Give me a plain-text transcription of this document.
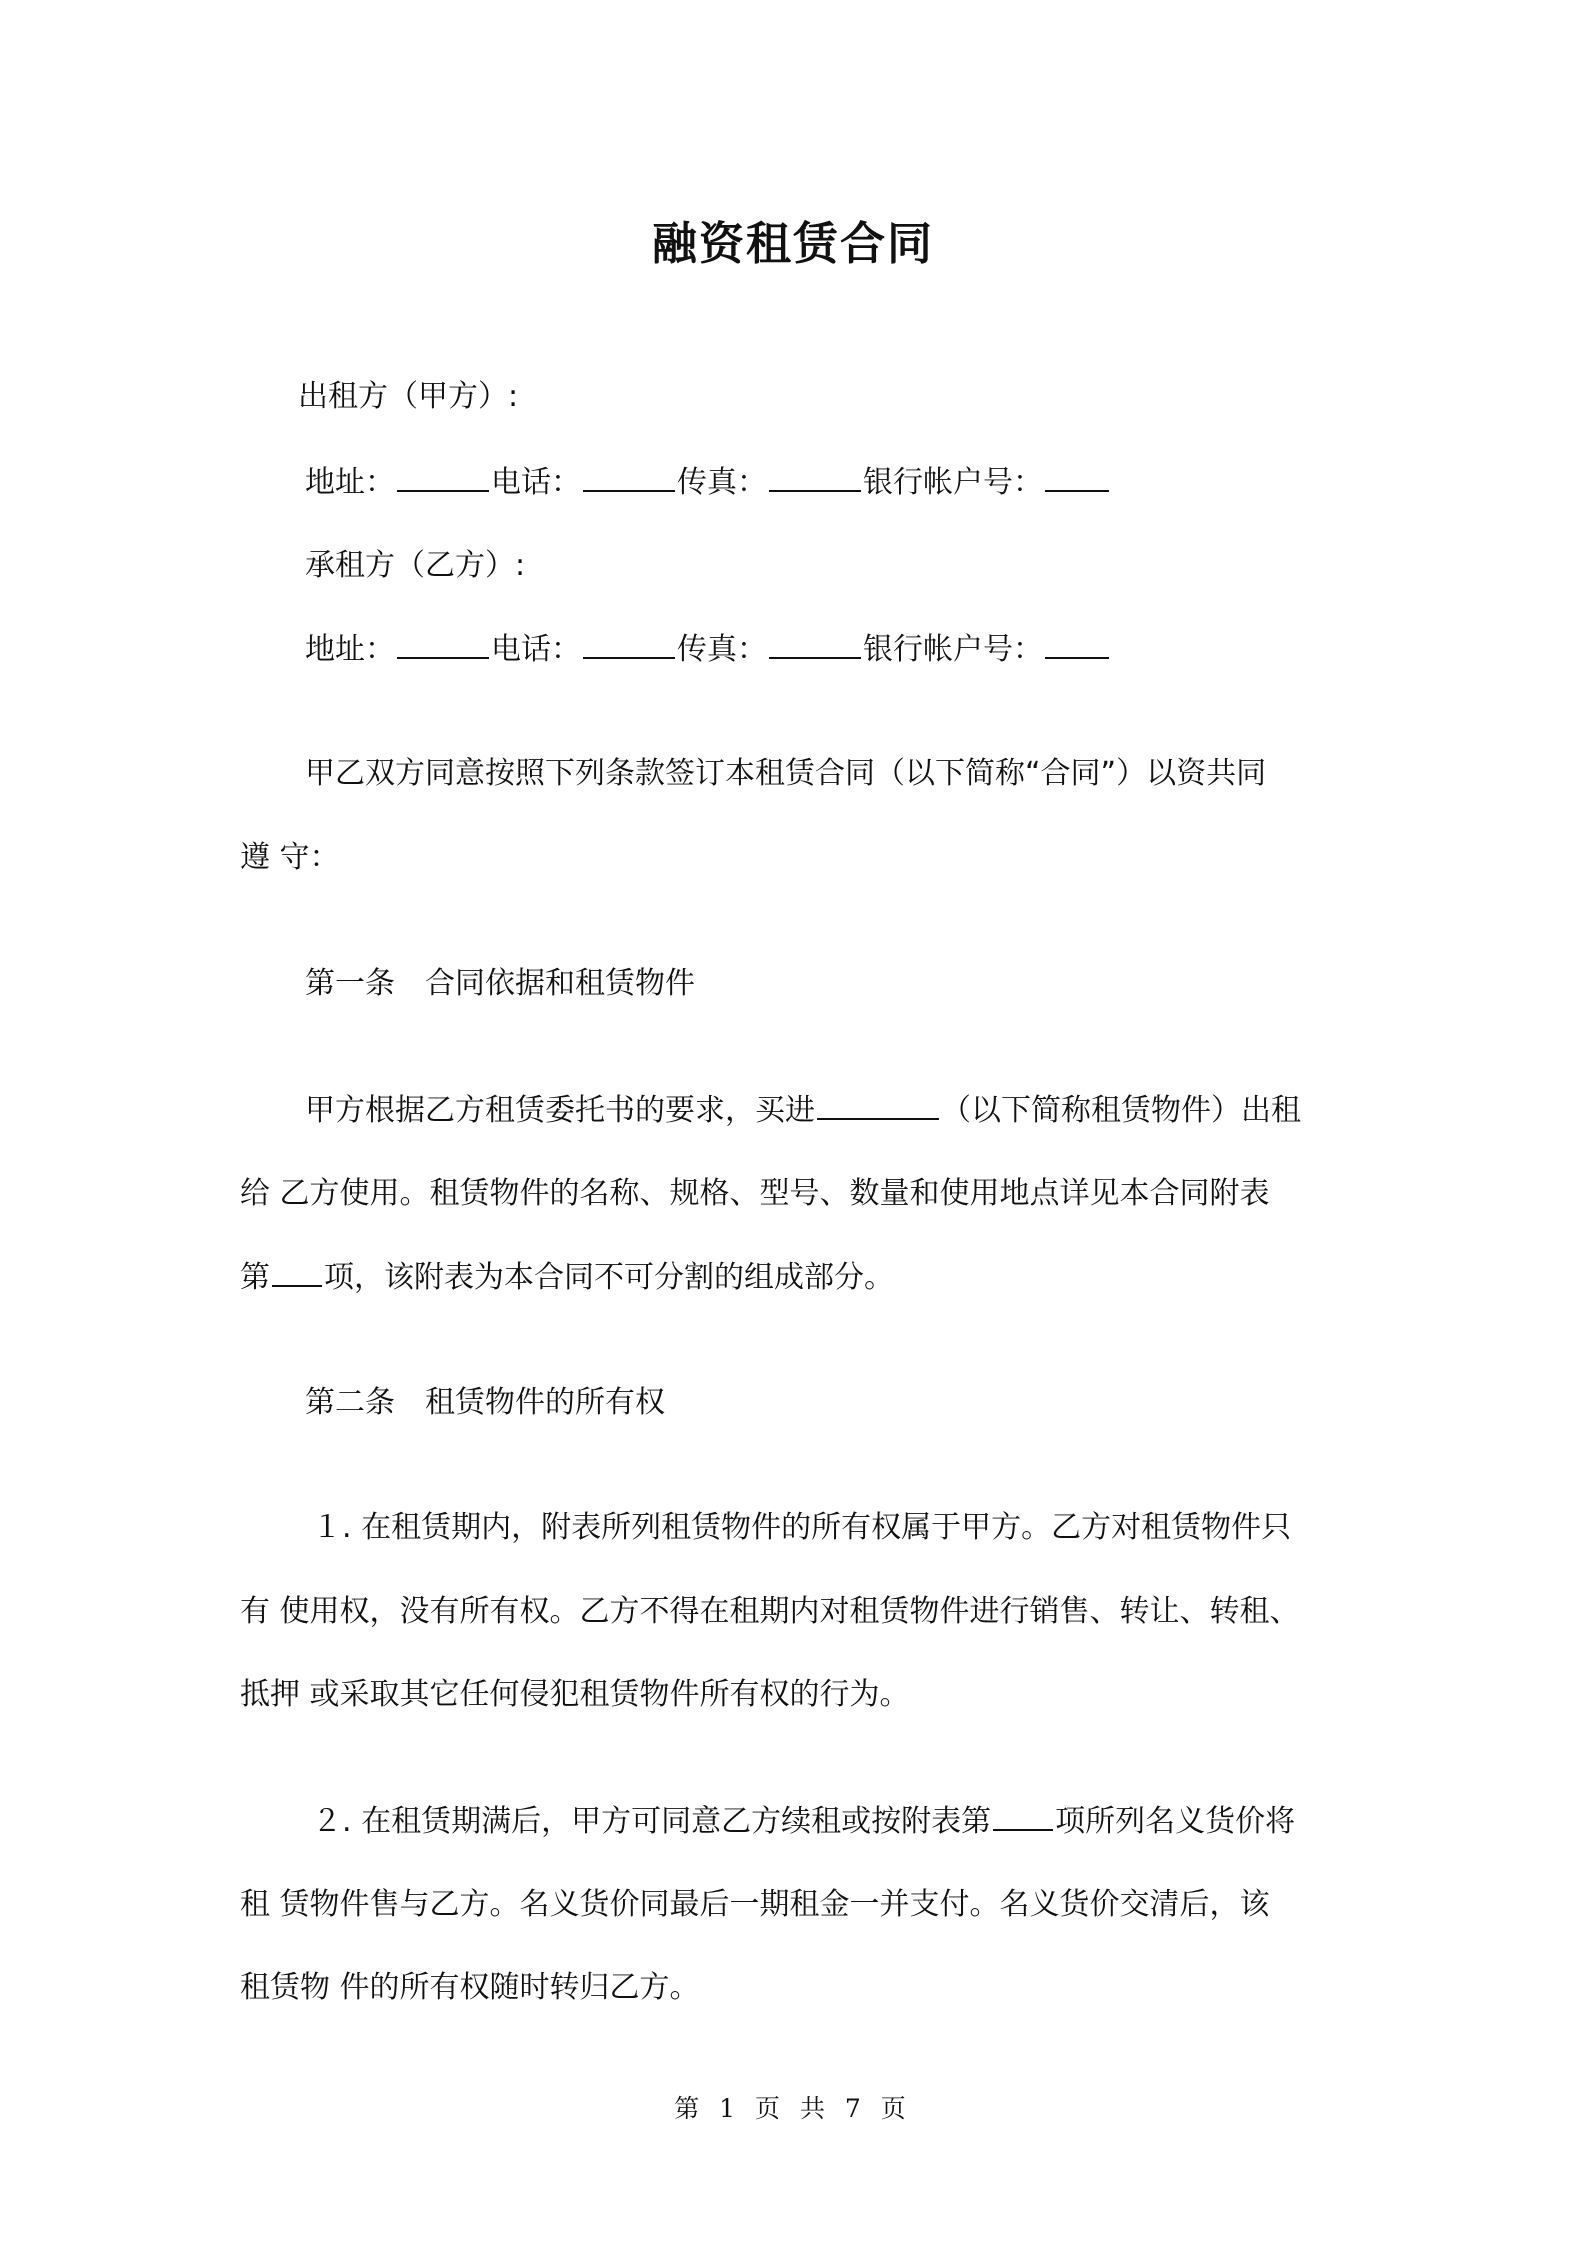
融资租赁合同
出租方（甲方）:
地址：	电话：	传真：	银行帐户号：
承租方（乙方）:
地址：	电话：	传真：	银行帐户号：
甲乙双方同意按照下列条款签订本租赁合同（以下简称“合同”）以资共同
遵 守：
第一条　合同依据和租赁物件
甲方根据乙方租赁委托书的要求，买进	（以下简称租赁物件）出租
给 乙方使用。租赁物件的名称、规格、型号、数量和使用地点详见本合同附表
第 项，该附表为本合同不可分割的组成部分。
第二条　租赁物件的所有权
１. 在租赁期内，附表所列租赁物件的所有权属于甲方。乙方对租赁物件只
有 使用权，没有所有权。乙方不得在租期内对租赁物件进行销售、转让、转租、
抵押 或采取其它任何侵犯租赁物件所有权的行为。
２. 在租赁期满后，甲方可同意乙方续租或按附表第 项所列名义货价将
租 赁物件售与乙方。名义货价同最后一期租金一并支付。名义货价交清后，该
租赁物 件的所有权随时转归乙方。
第 1 页 共 7 页
